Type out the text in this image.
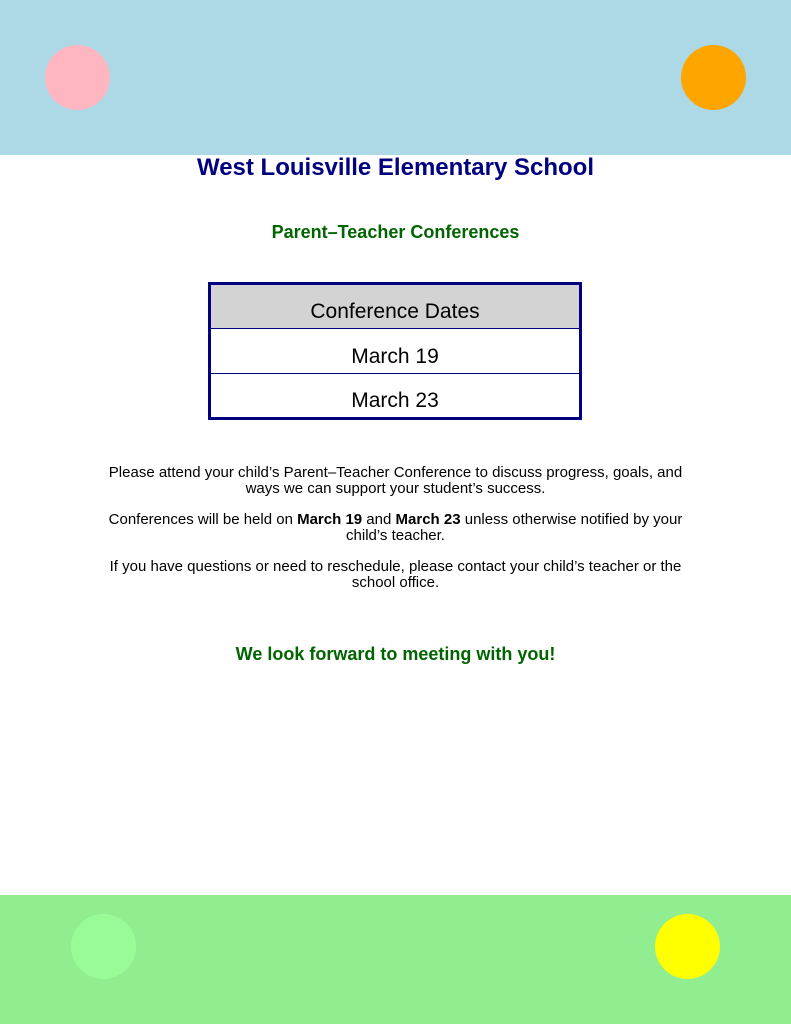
West Louisville Elementary School
Parent–Teacher Conferences
Conference Dates
March 19
March 23

Please attend your child’s Parent–Teacher Conference to discuss progress, goals, and ways we can support your student’s success.

Conferences will be held on March 19 and March 23 unless otherwise notified by your child’s teacher.

If you have questions or need to reschedule, please contact your child’s teacher or the school office.

We look forward to meeting with you!
